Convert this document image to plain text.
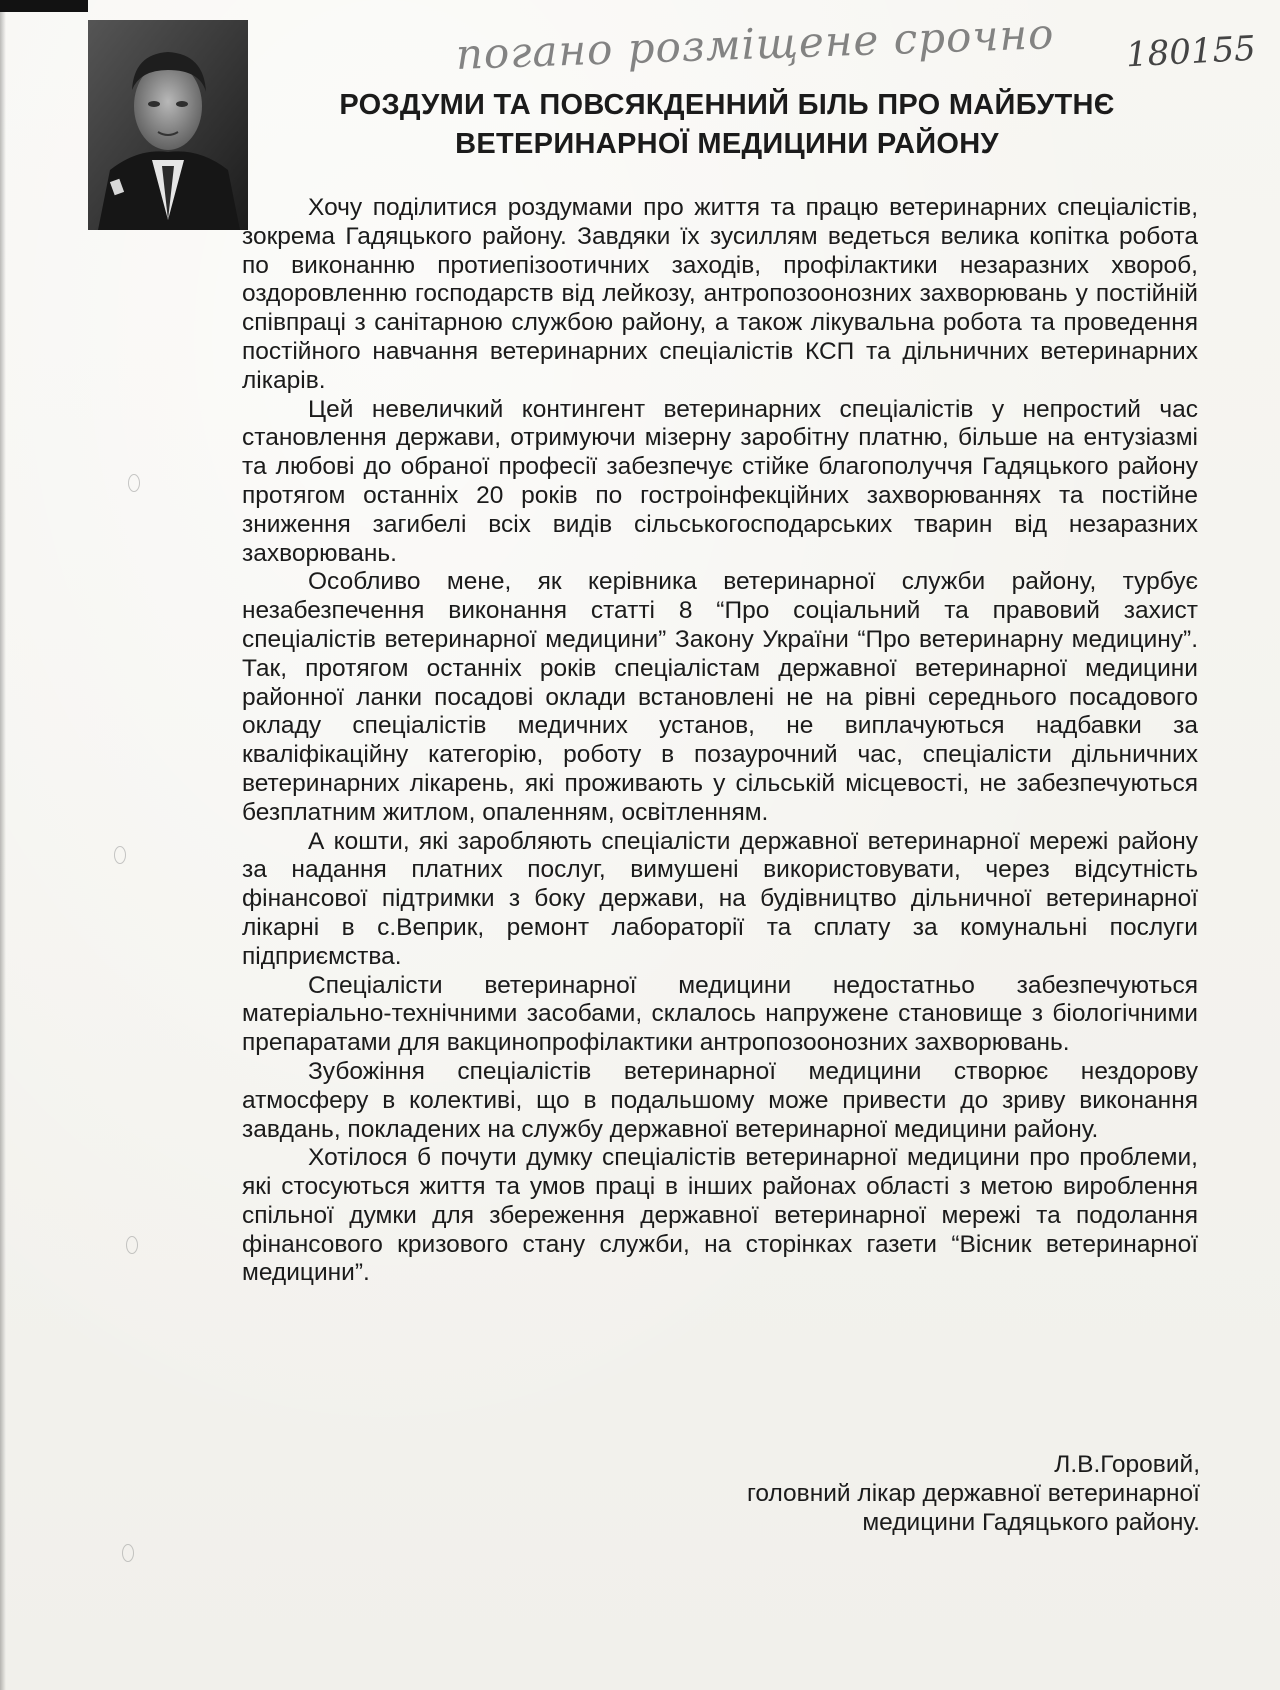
погано розміщене срочно 180155
РОЗДУМИ ТА ПОВСЯКДЕННИЙ БІЛЬ ПРО МАЙБУТНЄ
ВЕТЕРИНАРНОЇ МЕДИЦИНИ РАЙОНУ

Хочу поділитися роздумами про життя та працю ветеринарних спеціалістів, зокрема Гадяцького району. Завдяки їх зусиллям ведеться велика копітка робота по виконанню протиепізоотичних заходів, профілактики незаразних хвороб, оздоровленню господарств від лейкозу, антропозоонозних захворювань у постійній співпраці з санітарною службою району, а також лікувальна робота та проведення постійного навчання ветеринарних спеціалістів КСП та дільничних ветеринарних лікарів.

Цей невеличкий контингент ветеринарних спеціалістів у непростий час становлення держави, отримуючи мізерну заробітну платню, більше на ентузіазмі та любові до обраної професії забезпечує стійке благополуччя Гадяцького району протягом останніх 20 років по гостроінфекційних захворюваннях та постійне зниження загибелі всіх видів сільськогосподарських тварин від незаразних захворювань.

Особливо мене, як керівника ветеринарної служби району, турбує незабезпечення виконання статті 8 “Про соціальний та правовий захист спеціалістів ветеринарної медицини” Закону України “Про ветеринарну медицину”. Так, протягом останніх років спеціалістам державної ветеринарної медицини районної ланки посадові оклади встановлені не на рівні середнього посадового окладу спеціалістів медичних установ, не виплачуються надбавки за кваліфікаційну категорію, роботу в позаурочний час, спеціалісти дільничних ветеринарних лікарень, які проживають у сільській місцевості, не забезпечуються безплатним житлом, опаленням, освітленням.

А кошти, які заробляють спеціалісти державної ветеринарної мережі району за надання платних послуг, вимушені використовувати, через відсутність фінансової підтримки з боку держави, на будівництво дільничної ветеринарної лікарні в с.Веприк, ремонт лабораторії та сплату за комунальні послуги підприємства.

Спеціалісти ветеринарної медицини недостатньо забезпечуються матеріально-технічними засобами, склалось напружене становище з біологічними препаратами для вакцинопрофілактики антропозоонозних захворювань.

Зубожіння спеціалістів ветеринарної медицини створює нездорову атмосферу в колективі, що в подальшому може привести до зриву виконання завдань, покладених на службу державної ветеринарної медицини району.

Хотілося б почути думку спеціалістів ветеринарної медицини про проблеми, які стосуються життя та умов праці в інших районах області з метою вироблення спільної думки для збереження державної ветеринарної мережі та подолання фінансового кризового стану служби, на сторінках газети “Вісник ветеринарної медицини”.

Л.В.Горовий,
головний лікар державної ветеринарної
медицини Гадяцького району.
